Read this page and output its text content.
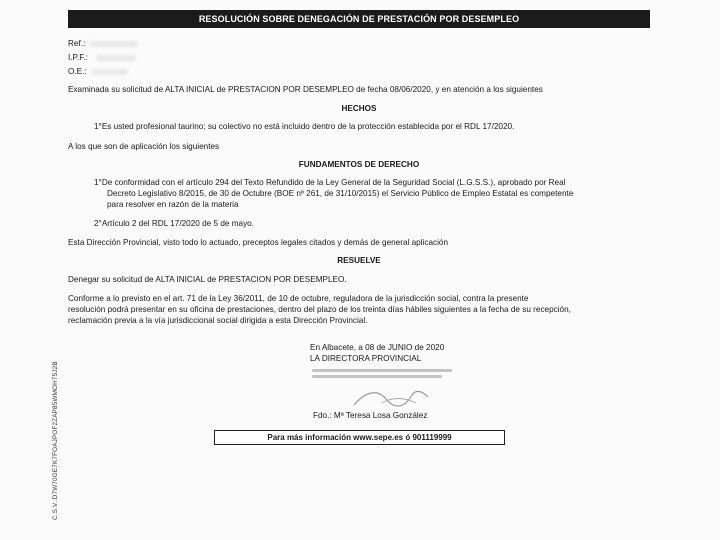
RESOLUCIÓN SOBRE DENEGACIÓN DE PRESTACIÓN POR DESEMPLEO
Ref.:
I.P.F.:
O.E.:
Examinada su solicitud de ALTA INICIAL de PRESTACION POR DESEMPLEO de fecha 08/06/2020, y en atención a los siguientes
HECHOS
1°Es usted profesional taurino; su colectivo no está incluido dentro de la protección establecida por el RDL 17/2020.
A los que son de aplicación los siguientes
FUNDAMENTOS DE DERECHO
1°De conformidad con el artículo 294 del Texto Refundido de la Ley General de la Seguridad Social (L.G.S.S.), aprobado por Real
Decreto Legislativo 8/2015, de 30 de Octubre (BOE nº 261, de 31/10/2015) el Servicio Público de Empleo Estatal es competente
para resolver en razón de la materia
2°Artículo 2 del RDL 17/2020 de 5 de mayo.
Esta Dirección Provincial, visto todo lo actuado, preceptos legales citados y demás de general aplicación
RESUELVE
Denegar su solicitud de ALTA INICIAL de PRESTACION POR DESEMPLEO.
Conforme a lo previsto en el art. 71 de la Ley 36/2011, de 10 de octubre, reguladora de la jurisdicción social, contra la presente
resolución podrá presentar en su oficina de prestaciones, dentro del plazo de los treinta días hábiles siguientes a la fecha de su recepción,
reclamación previa a la vía jurisdiccional social dirigida a esta Dirección Provincial.
C.S.V.:D7W70GE7K7FOAJPOF2ZAP85WMOH75J2B
En Albacete, a 08 de JUNIO de 2020
LA DIRECTORA PROVINCIAL
Fdo.: Mª Teresa Losa González
Para más información www.sepe.es ó 901119999
